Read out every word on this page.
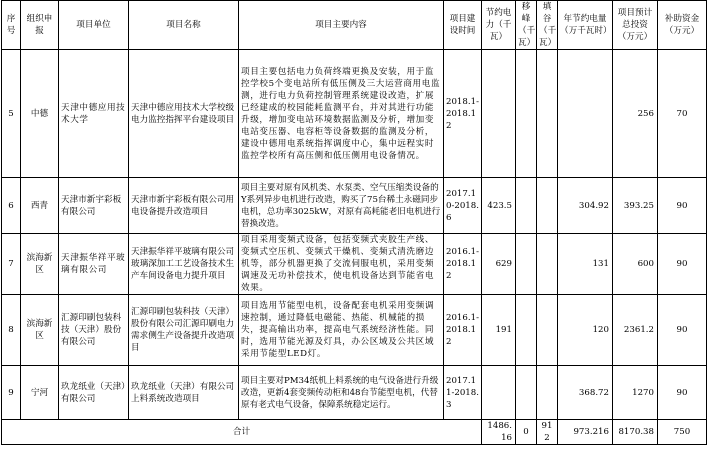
序号	组织申报	项目单位	项目名称	项目主要内容	项目建设时间	节约电力（千瓦）	移峰（千瓦）	填谷（千瓦）	年节约电量（万千瓦时）	项目预计总投资（万元）	补助资金（万元）
5	中德	天津中德应用技术大学	天津中德应用技术大学校级电力监控指挥平台建设项目	项目主要包括电力负荷终端更换及安装，用于监控学校5个变电站所有低压侧及三大运营商用电监测，进行电力负荷控制管理系统建设改造，扩展已经建成的校园能耗监测平台，并对其进行功能升级，增加变电站环境数据监测及分析，增加变电站变压器、电容柜等设备数据的监测及分析，建设中德用电系统指挥调度中心，集中远程实时监控学校所有高压侧和低压侧用电设备情况。	2018.1-2018.12					256	70
6	西青	天津市新宇彩板有限公司	天津市新宇彩板有限公司用电设备提升改造项目	项目主要对原有风机类、水泵类、空气压缩类设备的Y系列异步电机进行改造，购买了75台稀土永磁同步电机，总功率3025kW，对原有高耗能老旧电机进行替换改造。	2017.10-2018.6	423.5			304.92	393.25	90
7	滨海新区	天津振华祥平玻璃有限公司	天津振华祥平玻璃有限公司玻璃深加工工艺设备技术生产车间设备电力提升项目	项目采用变频式设备，包括变频式夹胶生产线、变频式空压机、变频式干燥机、变频式清洗磨边机等，部分机器更换了交流伺服电机，采用变频调速及无功补偿技术，使电机设备达到节能省电效果。	2016.1-2018.12	629			131	600	90
8	滨海新区	汇源印刷包装科技（天津）股份有限公司	汇源印刷包装科技（天津）股份有限公司汇源印刷电力需求侧生产设备提升改造项目	项目选用节能型电机，设备配套电机采用变频调速控制，通过降低电磁能、热能、机械能的损失，提高输出功率，提高电气系统经济性能。同时，选用节能光源及灯具，办公区域及公共区域采用节能型LED灯。	2016.1-2018.12	191			120	2361.2	90
9	宁河	玖龙纸业（天津）有限公司	玖龙纸业（天津）有限公司上料系统改造项目	项目主要对PM34纸机上料系统的电气设备进行升级改造，更新4套变频传动柜和48台节能型电机，代替原有老式电气设备，保障系统稳定运行。	2017.11-2018.3				368.72	1270	90
合计						1486.16	0	912	973.216	8170.38	750
